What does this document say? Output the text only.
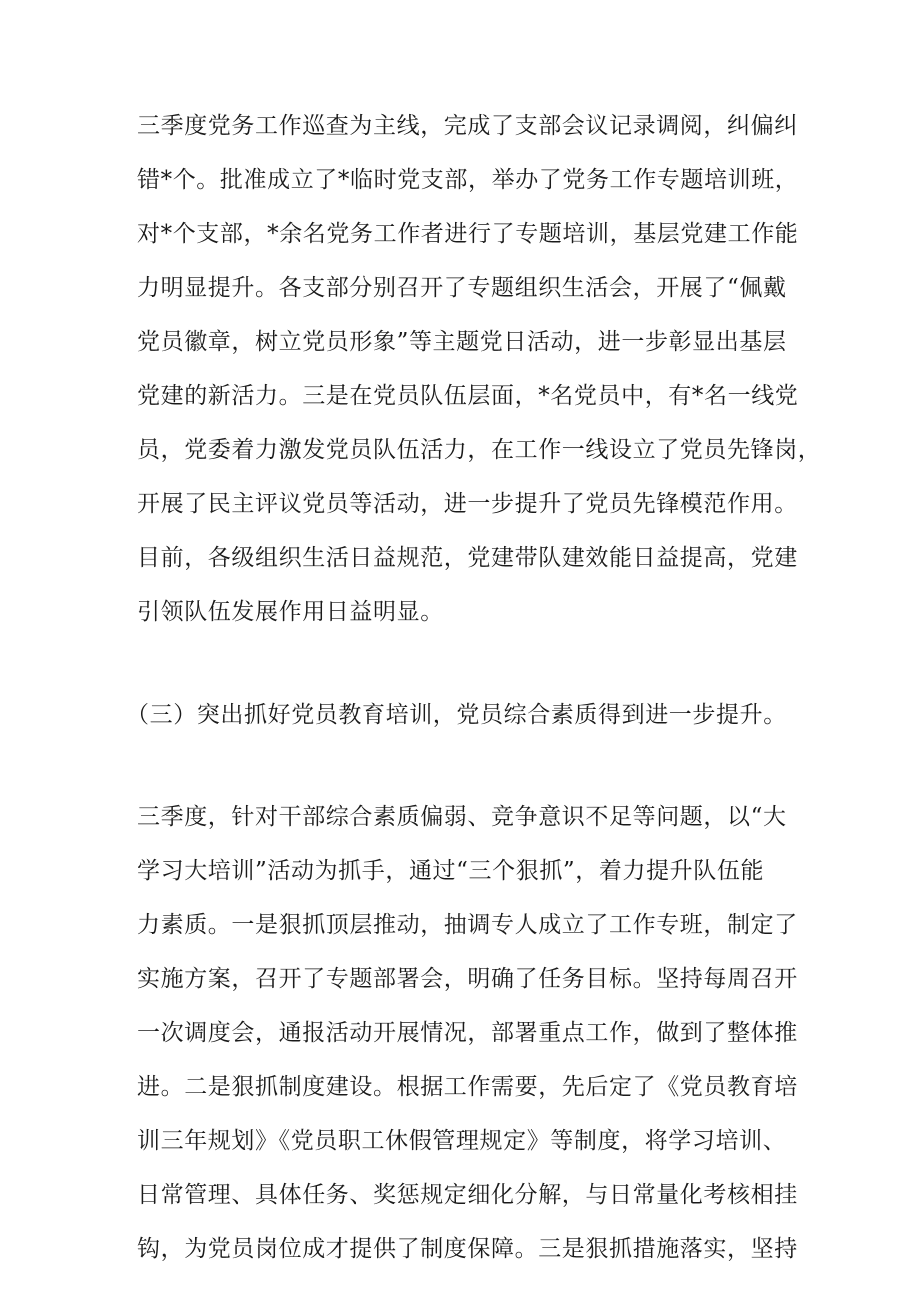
三季度党务工作巡查为主线，完成了支部会议记录调阅，纠偏纠
错*个。批准成立了*临时党支部，举办了党务工作专题培训班，
对*个支部，*余名党务工作者进行了专题培训，基层党建工作能
力明显提升。各支部分别召开了专题组织生活会，开展了“佩戴
党员徽章，树立党员形象”等主题党日活动，进一步彰显出基层
党建的新活力。三是在党员队伍层面，*名党员中，有*名一线党
员，党委着力激发党员队伍活力，在工作一线设立了党员先锋岗，
开展了民主评议党员等活动，进一步提升了党员先锋模范作用。
目前，各级组织生活日益规范，党建带队建效能日益提高，党建
引领队伍发展作用日益明显。
（三）突出抓好党员教育培训，党员综合素质得到进一步提升。
三季度，针对干部综合素质偏弱、竞争意识不足等问题，以“大
学习大培训”活动为抓手，通过“三个狠抓”，着力提升队伍能
力素质。一是狠抓顶层推动，抽调专人成立了工作专班，制定了
实施方案，召开了专题部署会，明确了任务目标。坚持每周召开
一次调度会，通报活动开展情况，部署重点工作，做到了整体推
进。二是狠抓制度建设。根据工作需要，先后定了《党员教育培
训三年规划》《党员职工休假管理规定》等制度，将学习培训、
日常管理、具体任务、奖惩规定细化分解，与日常量化考核相挂
钩，为党员岗位成才提供了制度保障。三是狠抓措施落实，坚持
